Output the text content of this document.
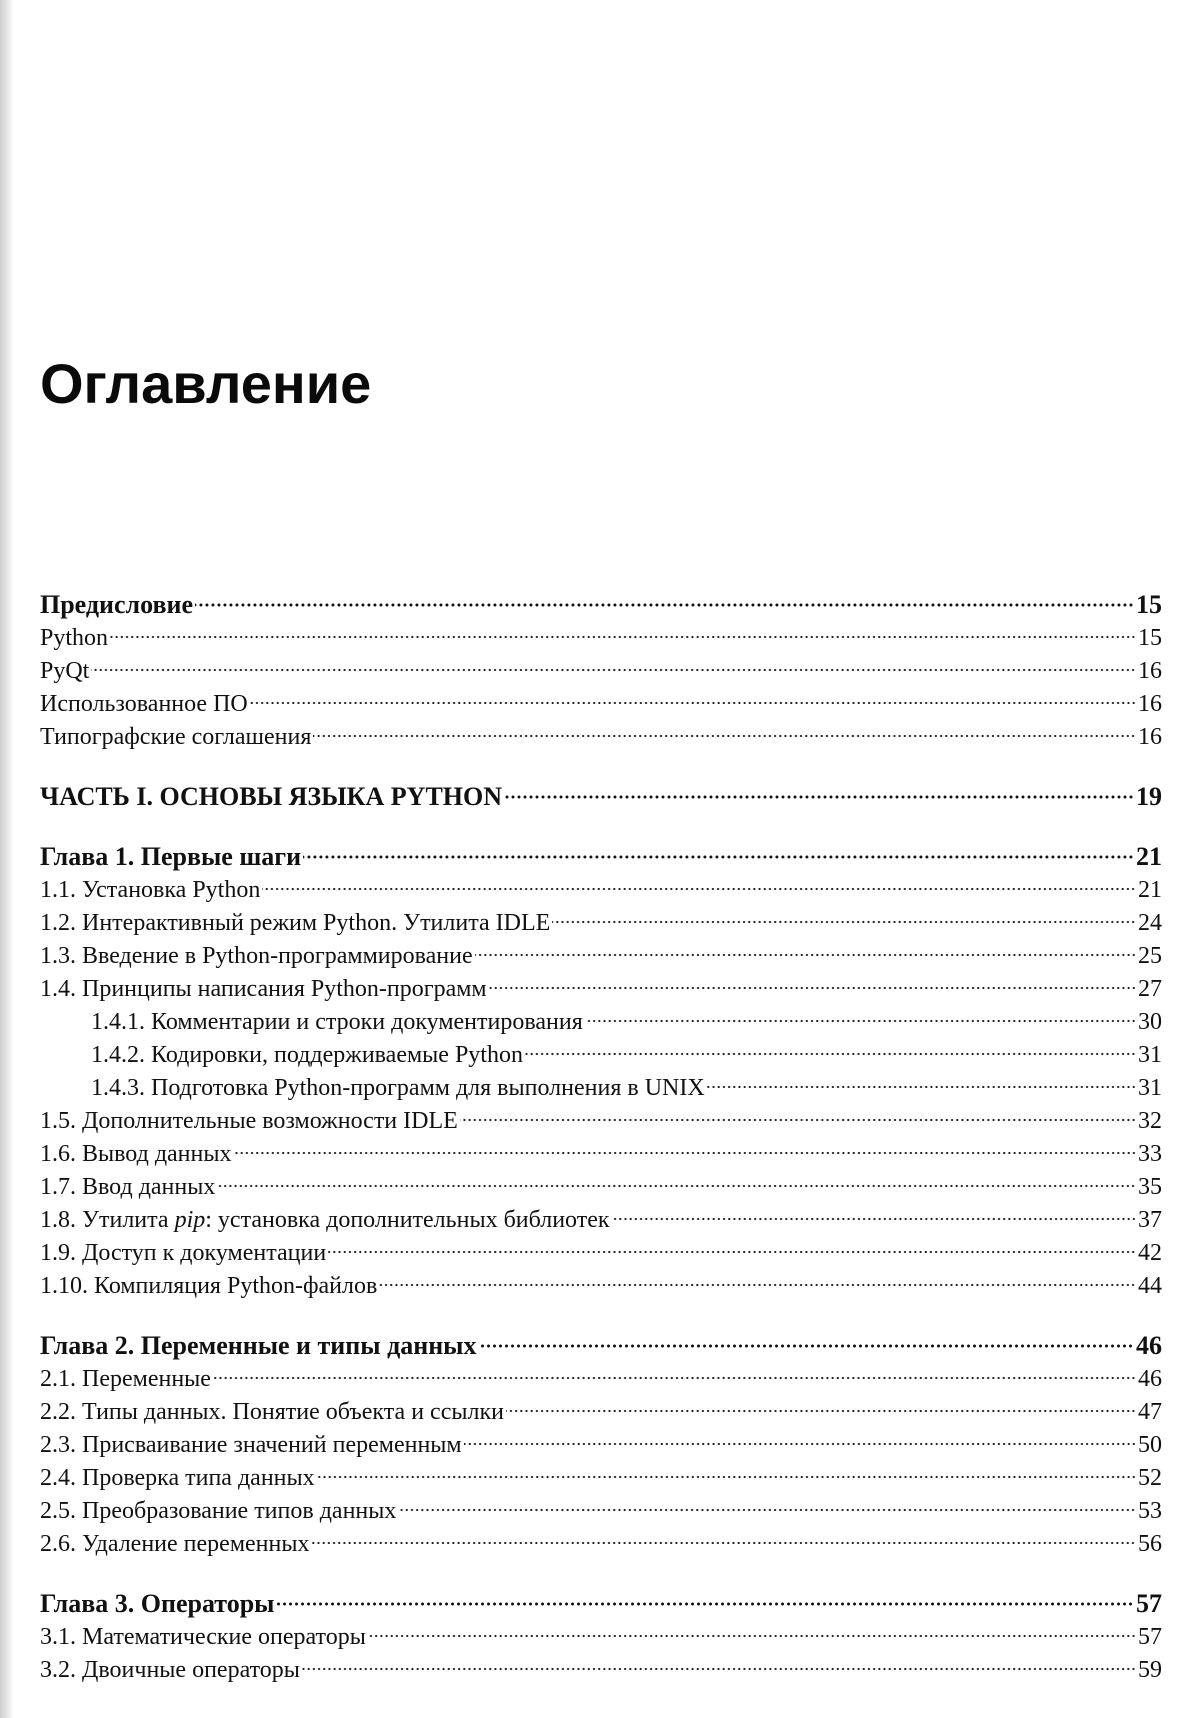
Оглавление
Предисловие	15
Python	15
PyQt	16
Использованное ПО	16
Типографские соглашения	16
ЧАСТЬ I. ОСНОВЫ ЯЗЫКА PYTHON	19
Глава 1. Первые шаги	21
1.1. Установка Python	21
1.2. Интерактивный режим Python. Утилита IDLE	24
1.3. Введение в Python-программирование	25
1.4. Принципы написания Python-программ	27
1.4.1. Комментарии и строки документирования	30
1.4.2. Кодировки, поддерживаемые Python	31
1.4.3. Подготовка Python-программ для выполнения в UNIX	31
1.5. Дополнительные возможности IDLE	32
1.6. Вывод данных	33
1.7. Ввод данных	35
1.8. Утилита pip: установка дополнительных библиотек	37
1.9. Доступ к документации	42
1.10. Компиляция Python-файлов	44
Глава 2. Переменные и типы данных	46
2.1. Переменные	46
2.2. Типы данных. Понятие объекта и ссылки	47
2.3. Присваивание значений переменным	50
2.4. Проверка типа данных	52
2.5. Преобразование типов данных	53
2.6. Удаление переменных	56
Глава 3. Операторы	57
3.1. Математические операторы	57
3.2. Двоичные операторы	59
